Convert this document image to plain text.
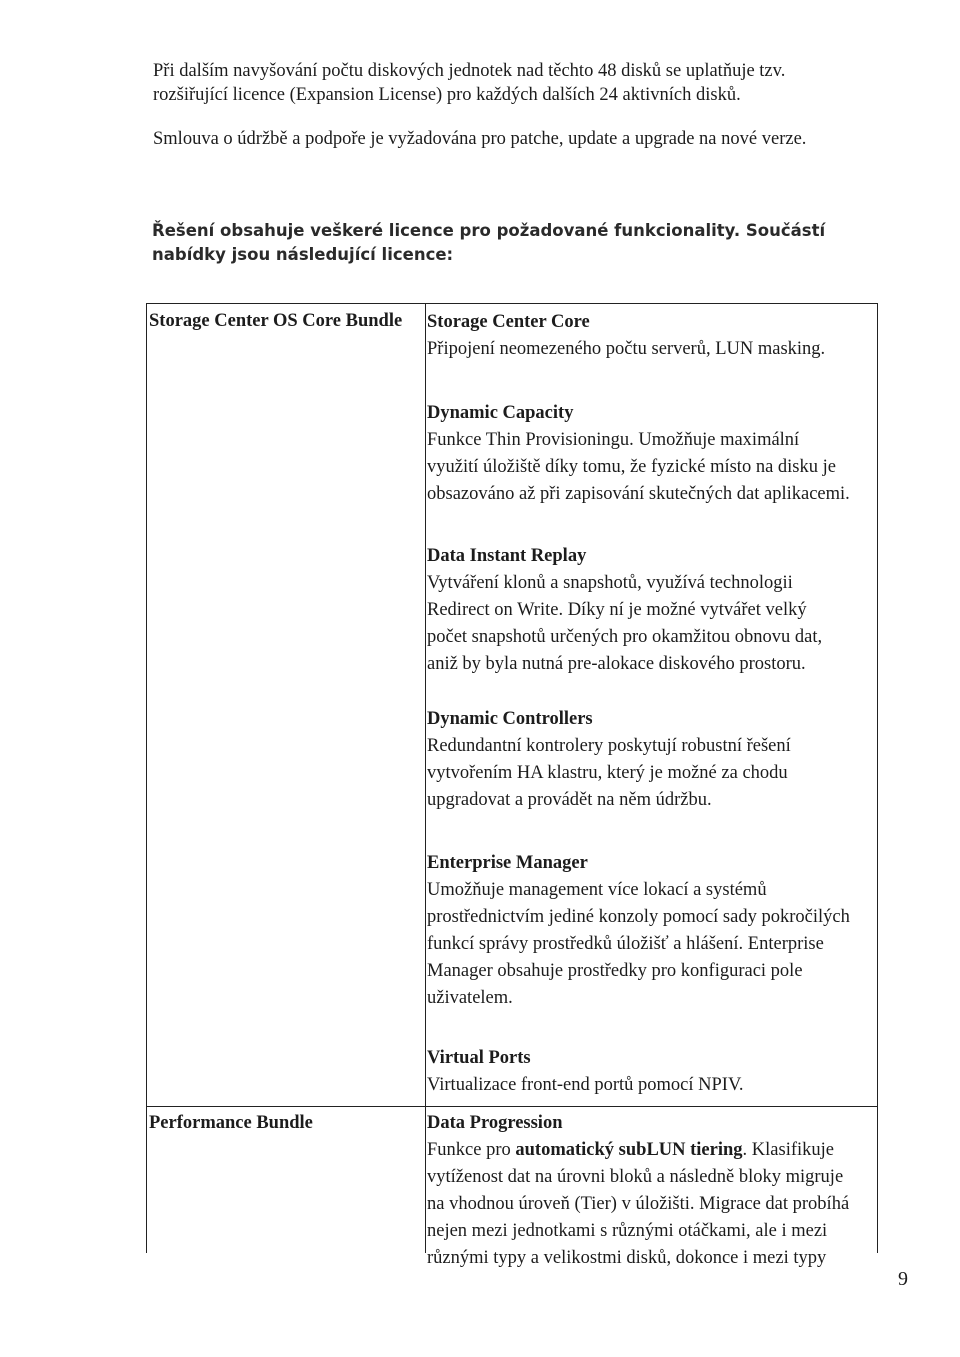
Při dalším navyšování počtu diskových jednotek nad těchto 48 disků se uplatňuje tzv.
rozšiřující licence (Expansion License) pro každých dalších 24 aktivních disků.
Smlouva o údržbě a podpoře je vyžadována pro patche, update a upgrade na nové verze.
Řešení obsahuje veškeré licence pro požadované funkcionality. Součástí
nabídky jsou následující licence:
Storage Center OS Core Bundle Storage Center Core
Připojení neomezeného počtu serverů, LUN masking.
Dynamic Capacity
Funkce Thin Provisioningu. Umožňuje maximální
využití úložiště díky tomu, že fyzické místo na disku je
obsazováno až při zapisování skutečných dat aplikacemi.
Data Instant Replay
Vytváření klonů a snapshotů, využívá technologii
Redirect on Write. Díky ní je možné vytvářet velký
počet snapshotů určených pro okamžitou obnovu dat,
aniž by byla nutná pre-alokace diskového prostoru.
Dynamic Controllers
Redundantní kontrolery poskytují robustní řešení
vytvořením HA klastru, který je možné za chodu
upgradovat a provádět na něm údržbu.
Enterprise Manager
Umožňuje management více lokací a systémů
prostřednictvím jediné konzoly pomocí sady pokročilých
funkcí správy prostředků úložišť a hlášení. Enterprise
Manager obsahuje prostředky pro konfiguraci pole
uživatelem.
Virtual Ports
Virtualizace front-end portů pomocí NPIV.
Performance Bundle	Data Progression
Funkce pro automatický subLUN tiering. Klasifikuje
vytíženost dat na úrovni bloků a následně bloky migruje
na vhodnou úroveň (Tier) v úložišti. Migrace dat probíhá
nejen mezi jednotkami s různými otáčkami, ale i mezi
různými typy a velikostmi disků, dokonce i mezi typy
9
